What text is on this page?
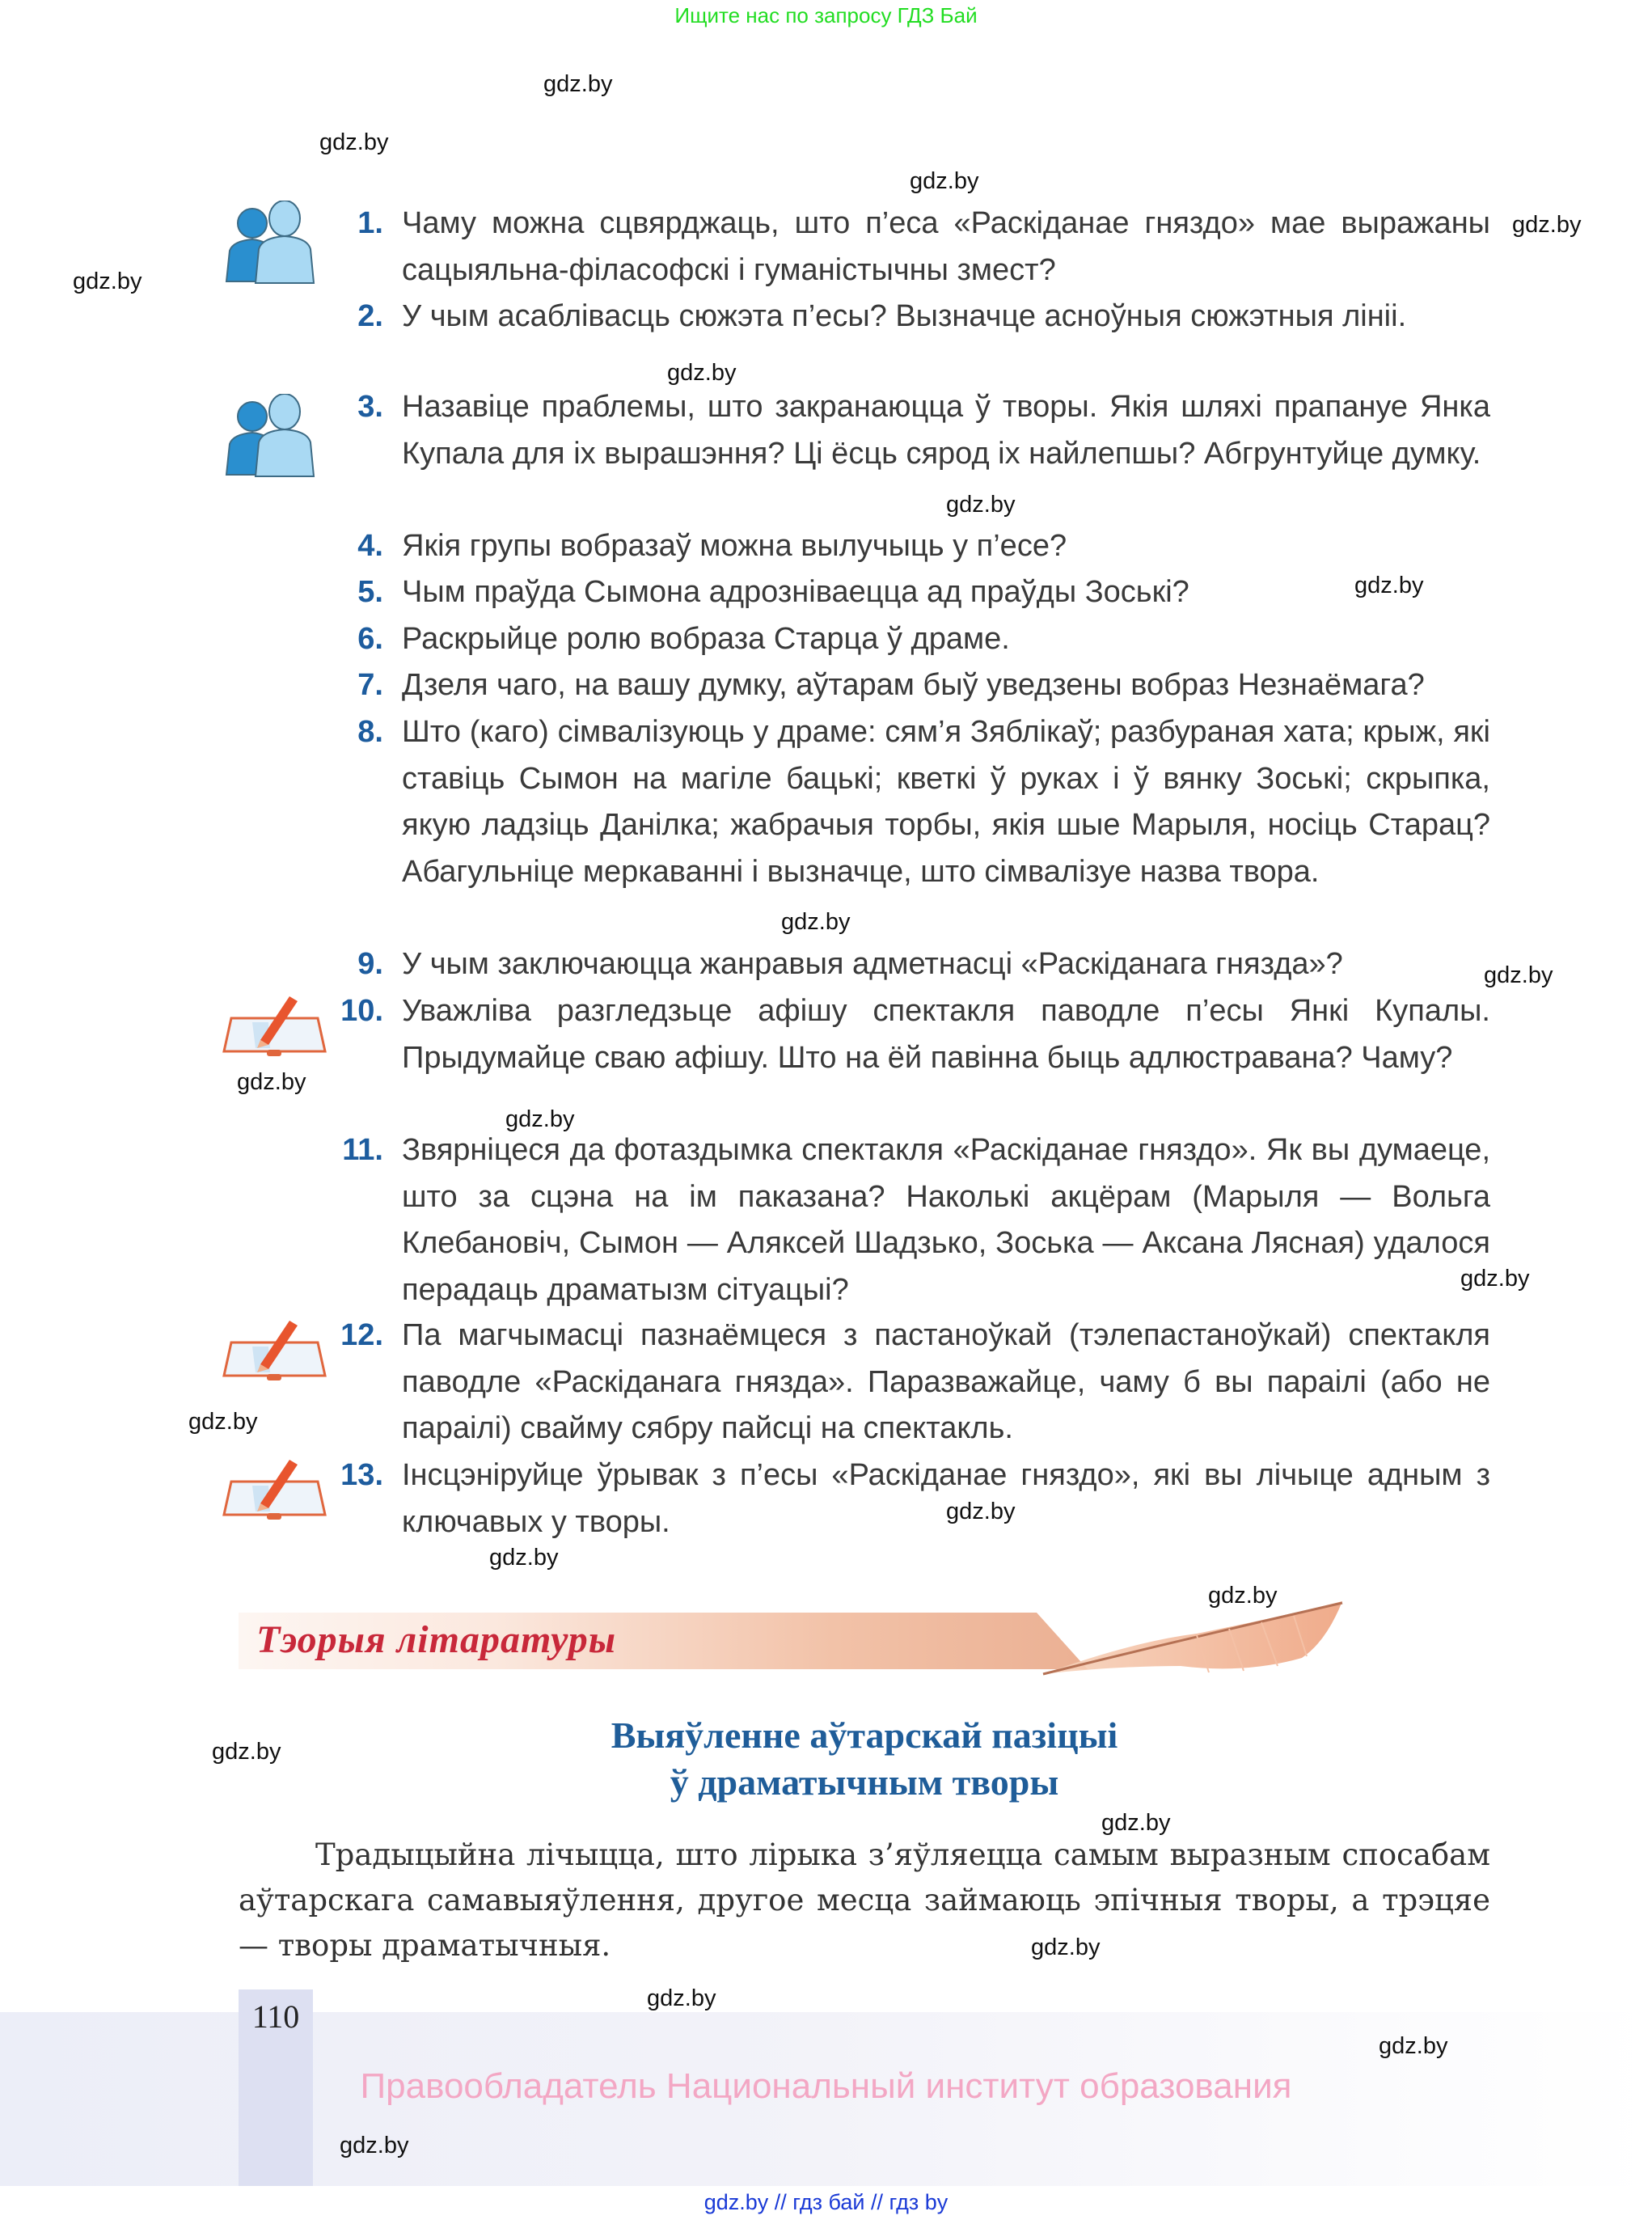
Ищите нас по запросу ГДЗ Бай
1. Чаму можна сцвярджаць, што п’еса «Раскіданае гняздо» мае выражаны сацыяльна-філасофскі і гуманістычны змест?
2. У чым асаблівасць сюжэта п’есы? Вызначце асноўныя сюжэтныя лініі.
3. Назавіце праблемы, што закранаюцца ў творы. Якія шляхі прапануе Янка Купала для іх вырашэння? Ці ёсць сярод іх найлепшы? Абгрунтуйце думку.
4. Якія групы вобразаў можна вылучыць у п’есе?
5. Чым праўда Сымона адрозніваецца ад праўды Зоські?
6. Раскрыйце ролю вобраза Старца ў драме.
7. Дзеля чаго, на вашу думку, аўтарам быў уведзены вобраз Незнаёмага?
8. Што (каго) сімвалізуюць у драме: сям’я Зяблікаў; разбураная хата; крыж, які ставіць Сымон на магіле бацькі; кветкі ў руках і ў вянку Зоські; скрыпка, якую ладзіць Данілка; жабрачыя торбы, якія шые Марыля, носіць Старац? Абагульніце меркаванні і вызначце, што сімвалізуе назва твора.
9. У чым заключаюцца жанравыя адметнасці «Раскіданага гнязда»?
10. Уважліва разгледзьце афішу спектакля паводле п’есы Янкі Купалы. Прыдумайце сваю афішу. Што на ёй павінна быць адлюстравана? Чаму?
11. Звярніцеся да фотаздымка спектакля «Раскіданае гняздо». Як вы думаеце, што за сцэна на ім паказана? Наколькі акцёрам (Марыля — Вольга Клебановіч, Сымон — Аляксей Шадзько, Зоська — Аксана Лясная) удалося перадаць драматызм сітуацыі?
12. Па магчымасці пазнаёмцеся з пастаноўкай (тэлепастаноўкай) спектакля паводле «Раскіданага гнязда». Паразважайце, чаму б вы параілі (або не параілі) свайму сябру пайсці на спектакль.
13. Інсцэніруйце ўрывак з п’есы «Раскіданае гняздо», які вы лічыце адным з ключавых у творы.
Тэорыя літаратуры
Выяўленне аўтарскай пазіцыі
ў драматычным творы
Традыцыйна лічыцца, што лірыка з’яўляецца самым выразным спосабам аўтарскага самавыяўлення, другое месца займаюць эпічныя творы, а трэцяе — творы драматычныя.
110
Правообладатель Национальный институт образования
gdz.by // гдз бай // гдз by
gdz.by
gdz.by
gdz.by
gdz.by
gdz.by
gdz.by
gdz.by
gdz.by
gdz.by
gdz.by
gdz.by
gdz.by
gdz.by
gdz.by
gdz.by
gdz.by
gdz.by
gdz.by
gdz.by
gdz.by
gdz.by
gdz.by
gdz.by
